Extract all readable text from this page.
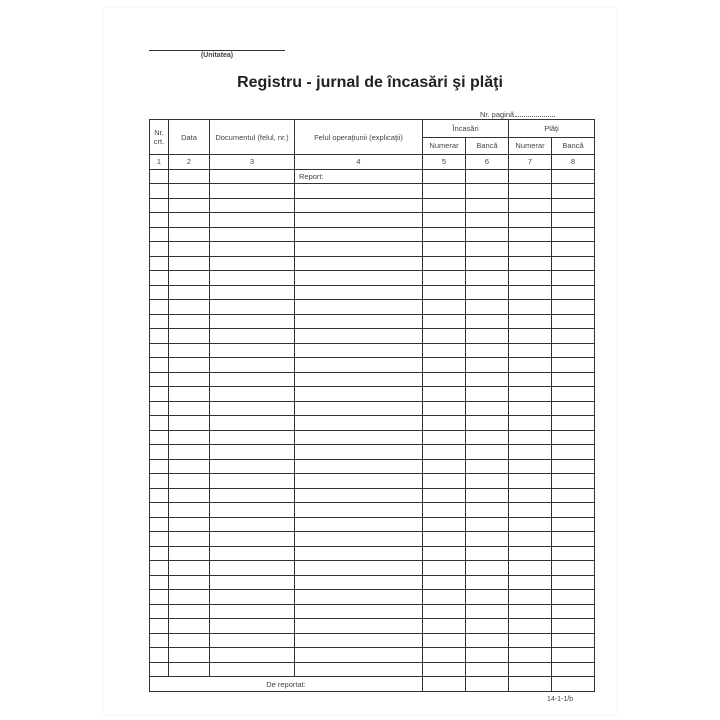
(Unitatea)
Registru - jurnal de încasări şi plăţi
Nr. pagină
Nr. crt.	Data	Documentul (felul, nr.)	Felul operaţiunii (explicaţii)	Încasări		Plăţi	
				Numerar	Bancă	Numerar	Bancă
1	2	3	4	5	6	7	8
			Report:				

De reportat:							
14-1-1/b
